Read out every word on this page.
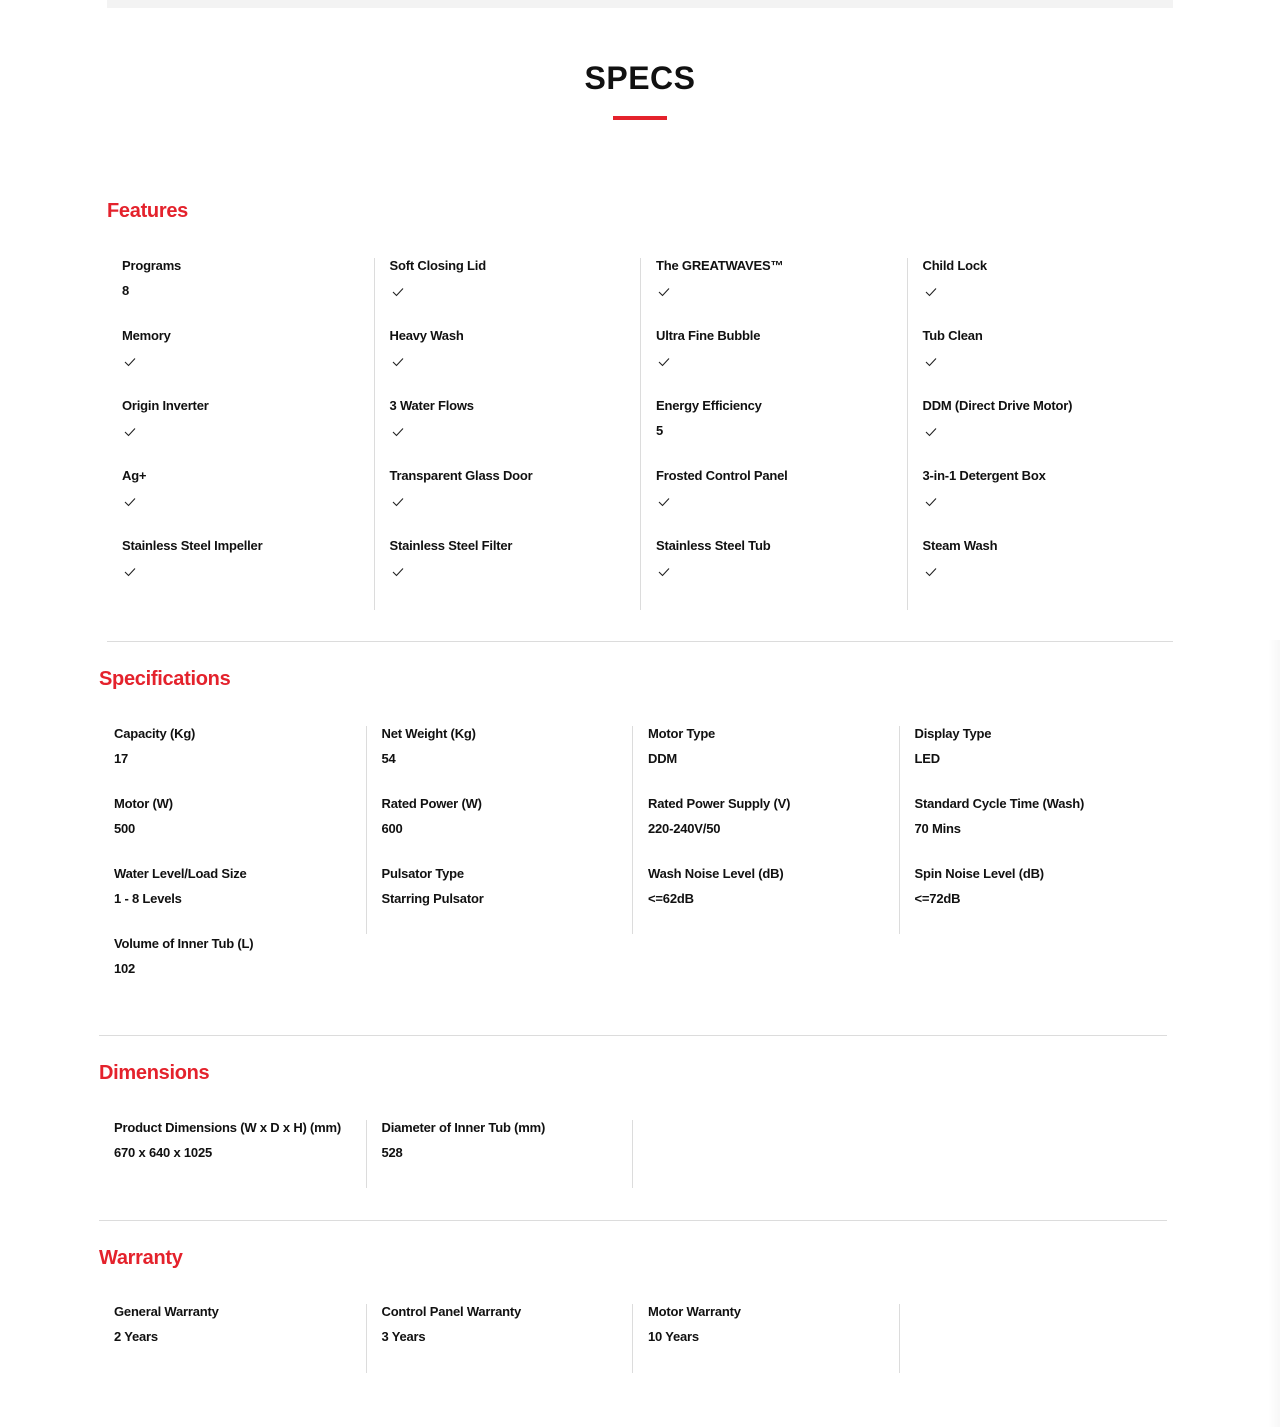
SPECS
Features
Programs
8
Memory
Origin Inverter
Ag+
Stainless Steel Impeller
Soft Closing Lid
Heavy Wash
3 Water Flows
Transparent Glass Door
Stainless Steel Filter
The GREATWAVES™
Ultra Fine Bubble
Energy Efficiency
5
Frosted Control Panel
Stainless Steel Tub
Child Lock
Tub Clean
DDM (Direct Drive Motor)
3-in-1 Detergent Box
Steam Wash
Specifications
Capacity (Kg)
17
Motor (W)
500
Water Level/Load Size
1 - 8 Levels
Volume of Inner Tub (L)
102
Net Weight (Kg)
54
Rated Power (W)
600
Pulsator Type
Starring Pulsator
Motor Type
DDM
Rated Power Supply (V)
220-240V/50
Wash Noise Level (dB)
<=62dB
Display Type
LED
Standard Cycle Time (Wash)
70 Mins
Spin Noise Level (dB)
<=72dB
Dimensions
Product Dimensions (W x D x H) (mm)
670 x 640 x 1025
Diameter of Inner Tub (mm)
528
Warranty
General Warranty
2 Years
Control Panel Warranty
3 Years
Motor Warranty
10 Years
